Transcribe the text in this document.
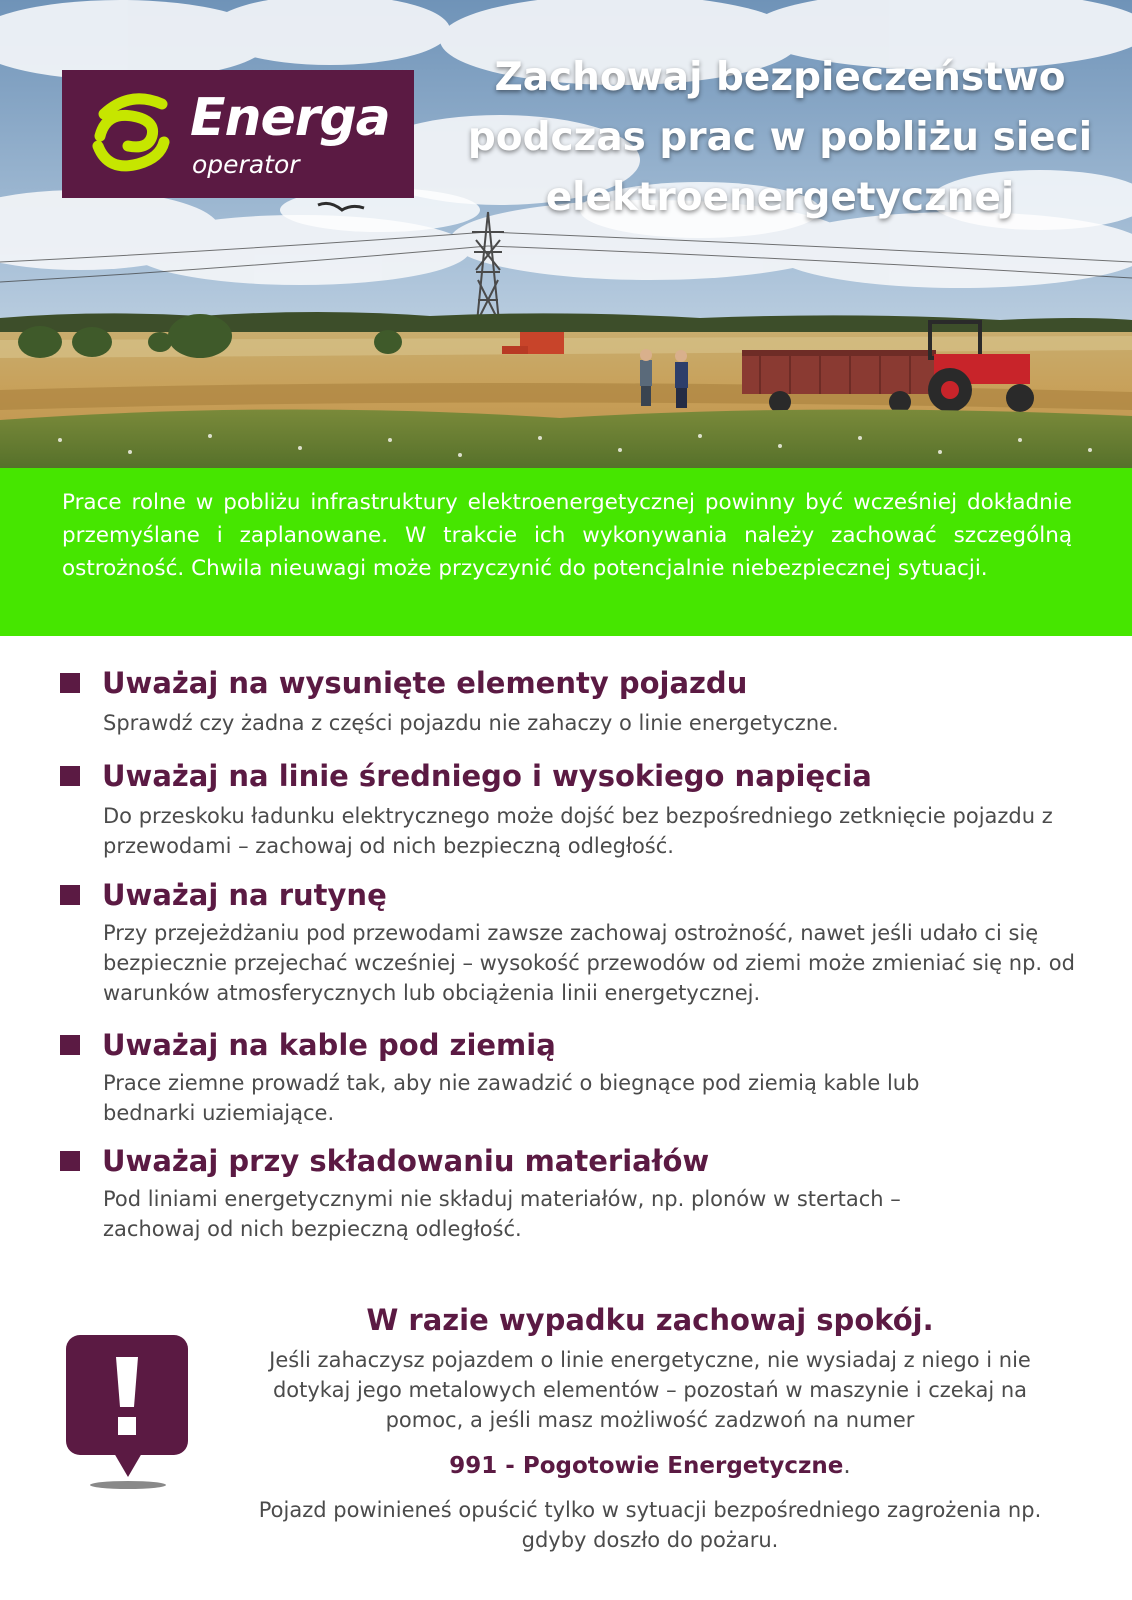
Energa
operator
Zachowaj bezpieczeństwo podczas prac w pobliżu sieci elektroenergetycznej
Prace rolne w pobliżu infrastruktury elektroenergetycznej powinny być wcześniej dokładnie przemyślane i zaplanowane. W trakcie ich wykonywania należy zachować szczególną ostrożność. Chwila nieuwagi może przyczynić do potencjalnie niebezpiecznej sytuacji.
Uważaj na wysunięte elementy pojazdu
Sprawdź czy żadna z części pojazdu nie zahaczy o linie energetyczne.
Uważaj na linie średniego i wysokiego napięcia
Do przeskoku ładunku elektrycznego może dojść bez bezpośredniego zetknięcie pojazdu z przewodami – zachowaj od nich bezpieczną odległość.
Uważaj na rutynę
Przy przejeżdżaniu pod przewodami zawsze zachowaj ostrożność, nawet jeśli udało ci się bezpiecznie przejechać wcześniej – wysokość przewodów od ziemi może zmieniać się np. od warunków atmosferycznych lub obciążenia linii energetycznej.
Uważaj na kable pod ziemią
Prace ziemne prowadź tak, aby nie zawadzić o biegnące pod ziemią kable lub bednarki uziemiające.
Uważaj przy składowaniu materiałów
Pod liniami energetycznymi nie składuj materiałów, np. plonów w stertach – zachowaj od nich bezpieczną odległość.
W razie wypadku zachowaj spokój.
Jeśli zahaczysz pojazdem o linie energetyczne, nie wysiadaj z niego i nie dotykaj jego metalowych elementów – pozostań w maszynie i czekaj na pomoc, a jeśli masz możliwość zadzwoń na numer
991 - Pogotowie Energetyczne.
Pojazd powinieneś opuścić tylko w sytuacji bezpośredniego zagrożenia np. gdyby doszło do pożaru.
